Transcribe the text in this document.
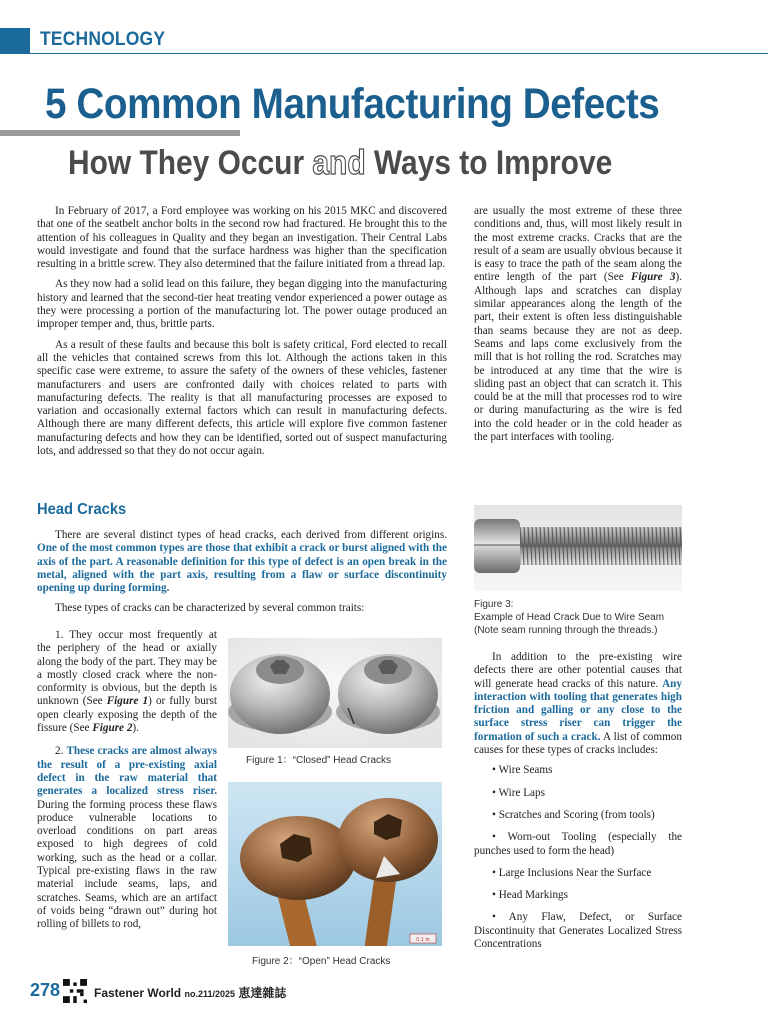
TECHNOLOGY
5 Common Manufacturing Defects
How They Occur and Ways to Improve

In February of 2017, a Ford employee was working on his 2015 MKC and discovered that one of the seatbelt anchor bolts in the second row had fractured. He brought this to the attention of his colleagues in Quality and they began an investigation. Their Central Labs would investigate and found that the surface hardness was higher than the specification resulting in a brittle screw. They also determined that the failure initiated from a thread lap.

As they now had a solid lead on this failure, they began digging into the manufacturing history and learned that the second-tier heat treating vendor experienced a power outage as they were processing a portion of the manufacturing lot. The power outage produced an improper temper and, thus, brittle parts.

As a result of these faults and because this bolt is safety critical, Ford elected to recall all the vehicles that contained screws from this lot. Although the actions taken in this specific case were extreme, to assure the safety of the owners of these vehicles, fastener manufacturers and users are confronted daily with choices related to parts with manufacturing defects. The reality is that all manufacturing processes are exposed to variation and occasionally external factors which can result in manufacturing defects. Although there are many different defects, this article will explore five common fastener manufacturing defects and how they can be identified, sorted out of suspect manufacturing lots, and addressed so that they do not occur again.

are usually the most extreme of these three conditions and, thus, will most likely result in the most extreme cracks. Cracks that are the result of a seam are usually obvious because it is easy to trace the path of the seam along the entire length of the part (See Figure 3). Although laps and scratches can display similar appearances along the length of the part, their extent is often less distinguishable than seams because they are not as deep. Seams and laps come exclusively from the mill that is hot rolling the rod. Scratches may be introduced at any time that the wire is sliding past an object that can scratch it. This could be at the mill that processes rod to wire or during manufacturing as the wire is fed into the cold header or in the cold header as the part interfaces with tooling.

Head Cracks

There are several distinct types of head cracks, each derived from different origins. One of the most common types are those that exhibit a crack or burst aligned with the axis of the part. A reasonable definition for this type of defect is an open break in the metal, aligned with the part axis, resulting from a flaw or surface discontinuity opening up during forming.

These types of cracks can be characterized by several common traits:

1. They occur most frequently at the periphery of the head or axially along the body of the part. They may be a mostly closed crack where the non-conformity is obvious, but the depth is unknown (See Figure 1) or fully burst open clearly exposing the depth of the fissure (See Figure 2).

2. These cracks are almost always the result of a pre-existing axial defect in the raw material that generates a localized stress riser. During the forming process these flaws produce vulnerable locations to overload conditions on part areas exposed to high degrees of cold working, such as the head or a collar. Typical pre-existing flaws in the raw material include seams, laps, and scratches. Seams, which are an artifact of voids being “drawn out” during hot rolling of billets to rod,

Figure 1：“Closed” Head Cracks
0.1 in
Figure 2：“Open” Head Cracks
Figure 3:
Example of Head Crack Due to Wire Seam
(Note seam running through the threads.)

In addition to the pre-existing wire defects there are other potential causes that will generate head cracks of this nature. Any interaction with tooling that generates high friction and galling or any close to the surface stress riser can trigger the formation of such a crack. A list of common causes for these types of cracks includes:

• Wire Seams
• Wire Laps
• Scratches and Scoring (from tools)
• Worn-out Tooling (especially the punches used to form the head)
• Large Inclusions Near the Surface
• Head Markings
• Any Flaw, Defect, or Surface Discontinuity that Generates Localized Stress Concentrations
278	Fastener World no.211/2025 恵達雜誌
